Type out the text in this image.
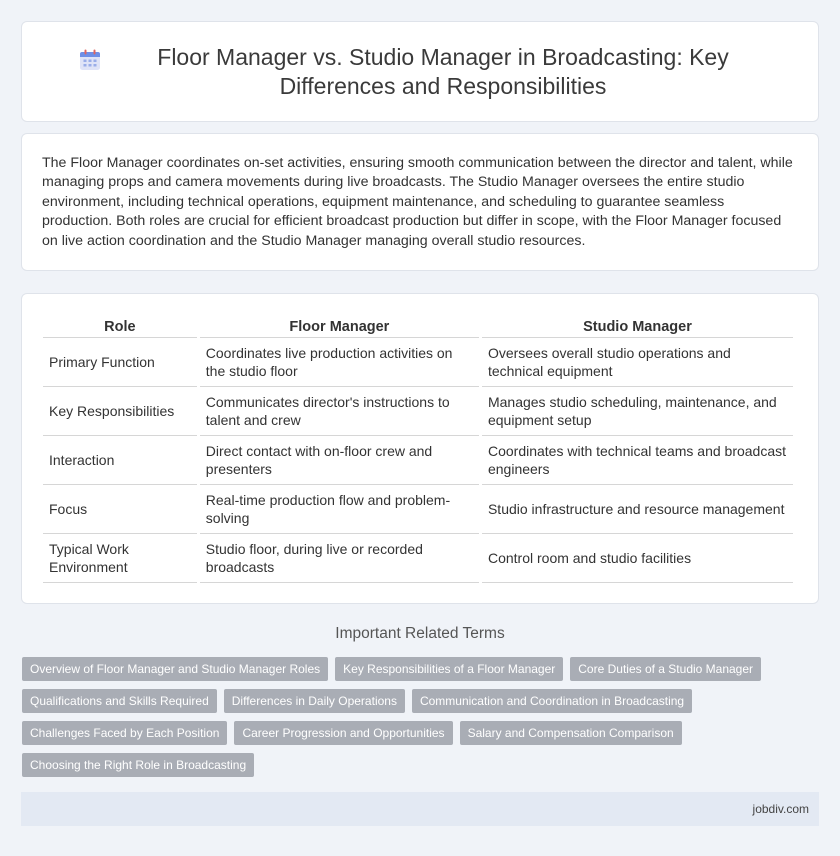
Floor Manager vs. Studio Manager in Broadcasting: Key Differences and Responsibilities

The Floor Manager coordinates on-set activities, ensuring smooth communication between the director and talent, while managing props and camera movements during live broadcasts. The Studio Manager oversees the entire studio environment, including technical operations, equipment maintenance, and scheduling to guarantee seamless production. Both roles are crucial for efficient broadcast production but differ in scope, with the Floor Manager focused on live action coordination and the Studio Manager managing overall studio resources.

Role	Floor Manager	Studio Manager
Primary Function	Coordinates live production activities on the studio floor	Oversees overall studio operations and technical equipment
Key Responsibilities	Communicates director's instructions to talent and crew	Manages studio scheduling, maintenance, and equipment setup
Interaction	Direct contact with on-floor crew and presenters	Coordinates with technical teams and broadcast engineers
Focus	Real-time production flow and problem-solving	Studio infrastructure and resource management
Typical Work Environment	Studio floor, during live or recorded broadcasts	Control room and studio facilities
Important Related Terms
Overview of Floor Manager and Studio Manager Roles	Key Responsibilities of a Floor Manager	Core Duties of a Studio Manager
Qualifications and Skills Required	Differences in Daily Operations	Communication and Coordination in Broadcasting
Challenges Faced by Each Position	Career Progression and Opportunities	Salary and Compensation Comparison
Choosing the Right Role in Broadcasting
jobdiv.com
